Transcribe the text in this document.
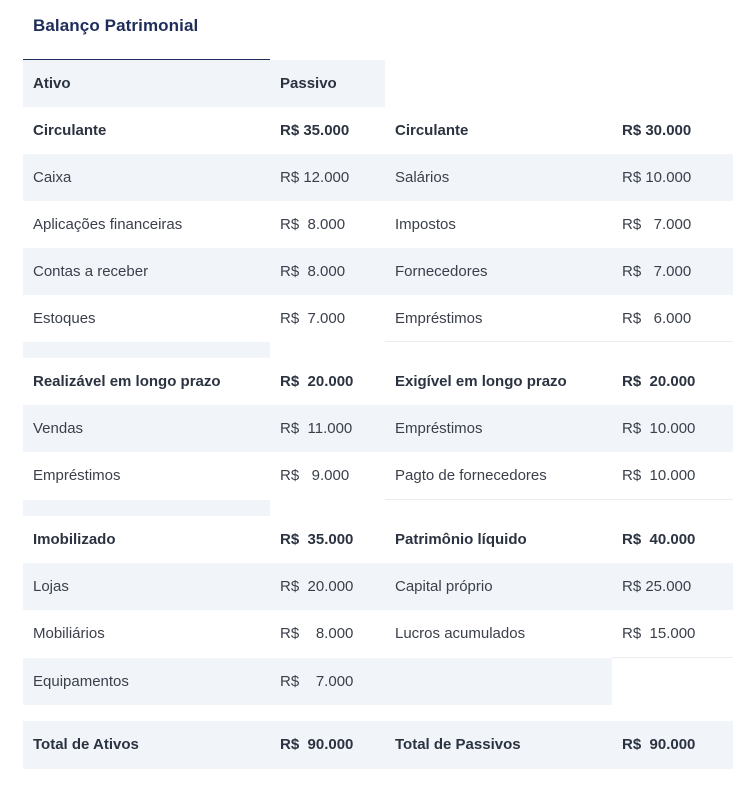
Balanço Patrimonial
Ativo	Passivo
Circulante	R$ 35.000	Circulante	R$ 30.000
Caixa	R$ 12.000	Salários	R$ 10.000
Aplicações financeiras	R$  8.000	Impostos	R$   7.000
Contas a receber	R$  8.000	Fornecedores	R$   7.000
Estoques	R$  7.000	Empréstimos	R$   6.000
Realizável em longo prazo	R$  20.000	Exigível em longo prazo	R$  20.000
Vendas	R$  11.000	Empréstimos	R$  10.000
Empréstimos	R$   9.000	Pagto de fornecedores	R$  10.000
Imobilizado	R$  35.000	Patrimônio líquido	R$  40.000
Lojas	R$  20.000	Capital próprio	R$ 25.000
Mobiliários	R$    8.000	Lucros acumulados	R$  15.000
Equipamentos	R$    7.000
Total de Ativos	R$  90.000	Total de Passivos	R$  90.000
